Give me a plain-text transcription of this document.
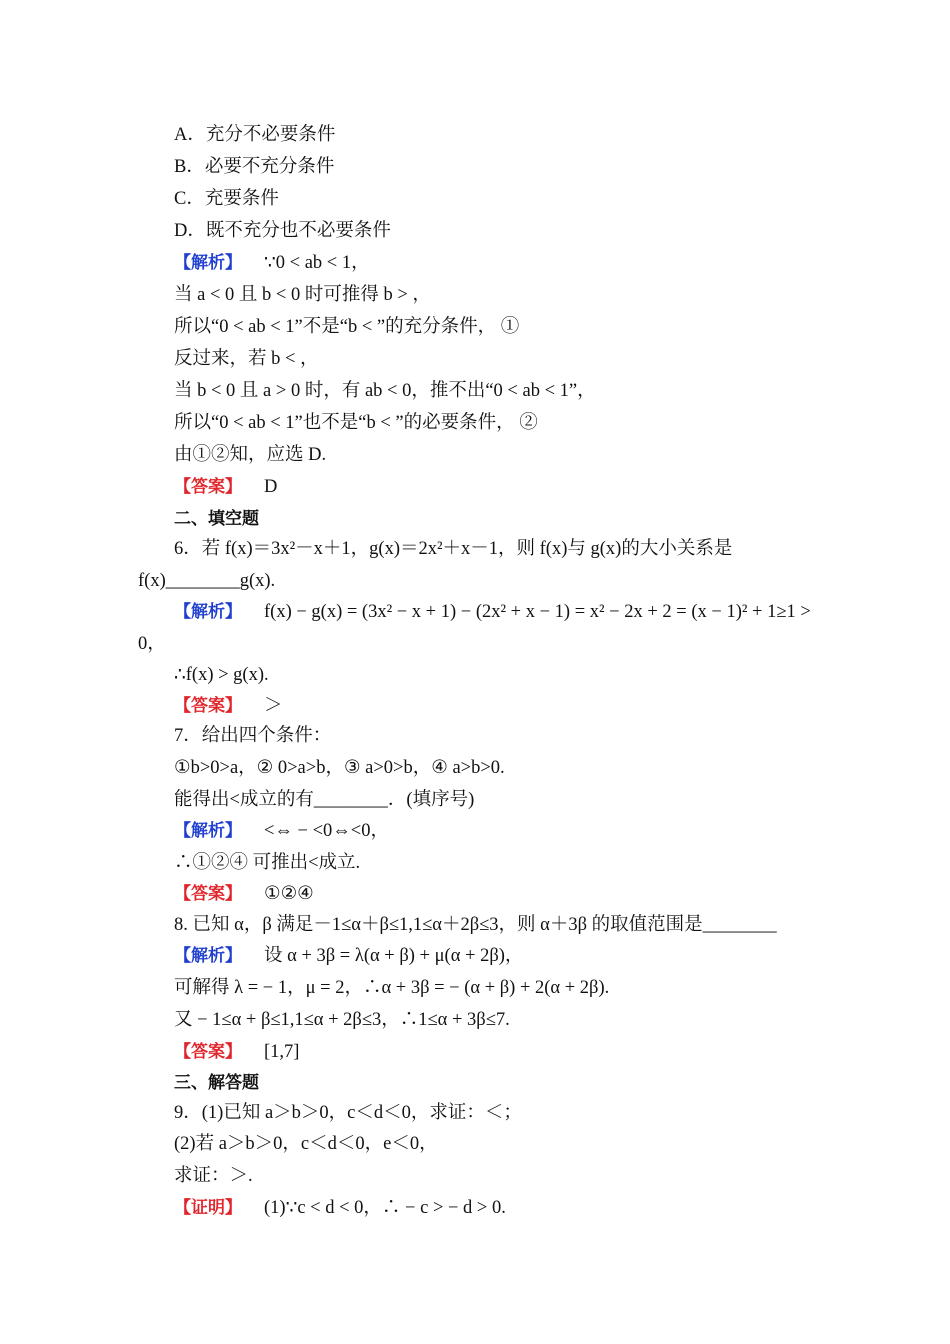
A．充分不必要条件
B．必要不充分条件
C．充要条件
D．既不充分也不必要条件
【解析】 ∵0 < ab < 1，
当 a < 0 且 b < 0 时可推得 b > ，
所以“0 < ab < 1”不是“b < ”的充分条件， ①
反过来，若 b < ，
当 b < 0 且 a > 0 时，有 ab < 0，推不出“0 < ab < 1”，
所以“0 < ab < 1”也不是“b < ”的必要条件， ②
由①②知，应选 D.
【答案】 D
二、填空题
6．若 f(x)＝3x²－x＋1，g(x)＝2x²＋x－1，则 f(x)与 g(x)的大小关系是
f(x)________g(x).
【解析】 f(x) − g(x) = (3x² − x + 1) − (2x² + x − 1) = x² − 2x + 2 = (x − 1)² + 1≥1 >
0，
∴f(x) > g(x).
【答案】 ＞
7．给出四个条件：
①b>0>a，② 0>a>b，③ a>0>b，④ a>b>0.
能得出<成立的有________．(填序号)
【解析】 <⇔ − <0⇔<0，
∴①②④ 可推出<成立.
【答案】 ①②④
8. 已知 α，β 满足－1≤α＋β≤1,1≤α＋2β≤3，则 α＋3β 的取值范围是________
【解析】 设 α + 3β = λ(α + β) + μ(α + 2β)，
可解得 λ = − 1，μ = 2，∴α + 3β = − (α + β) + 2(α + 2β).
又 − 1≤α + β≤1,1≤α + 2β≤3，∴1≤α + 3β≤7.
【答案】 [1,7]
三、解答题
9．(1)已知 a＞b＞0，c＜d＜0，求证：＜；
(2)若 a＞b＞0，c＜d＜0，e＜0，
求证：＞.
【证明】 (1)∵c < d < 0，∴ − c > − d > 0.
